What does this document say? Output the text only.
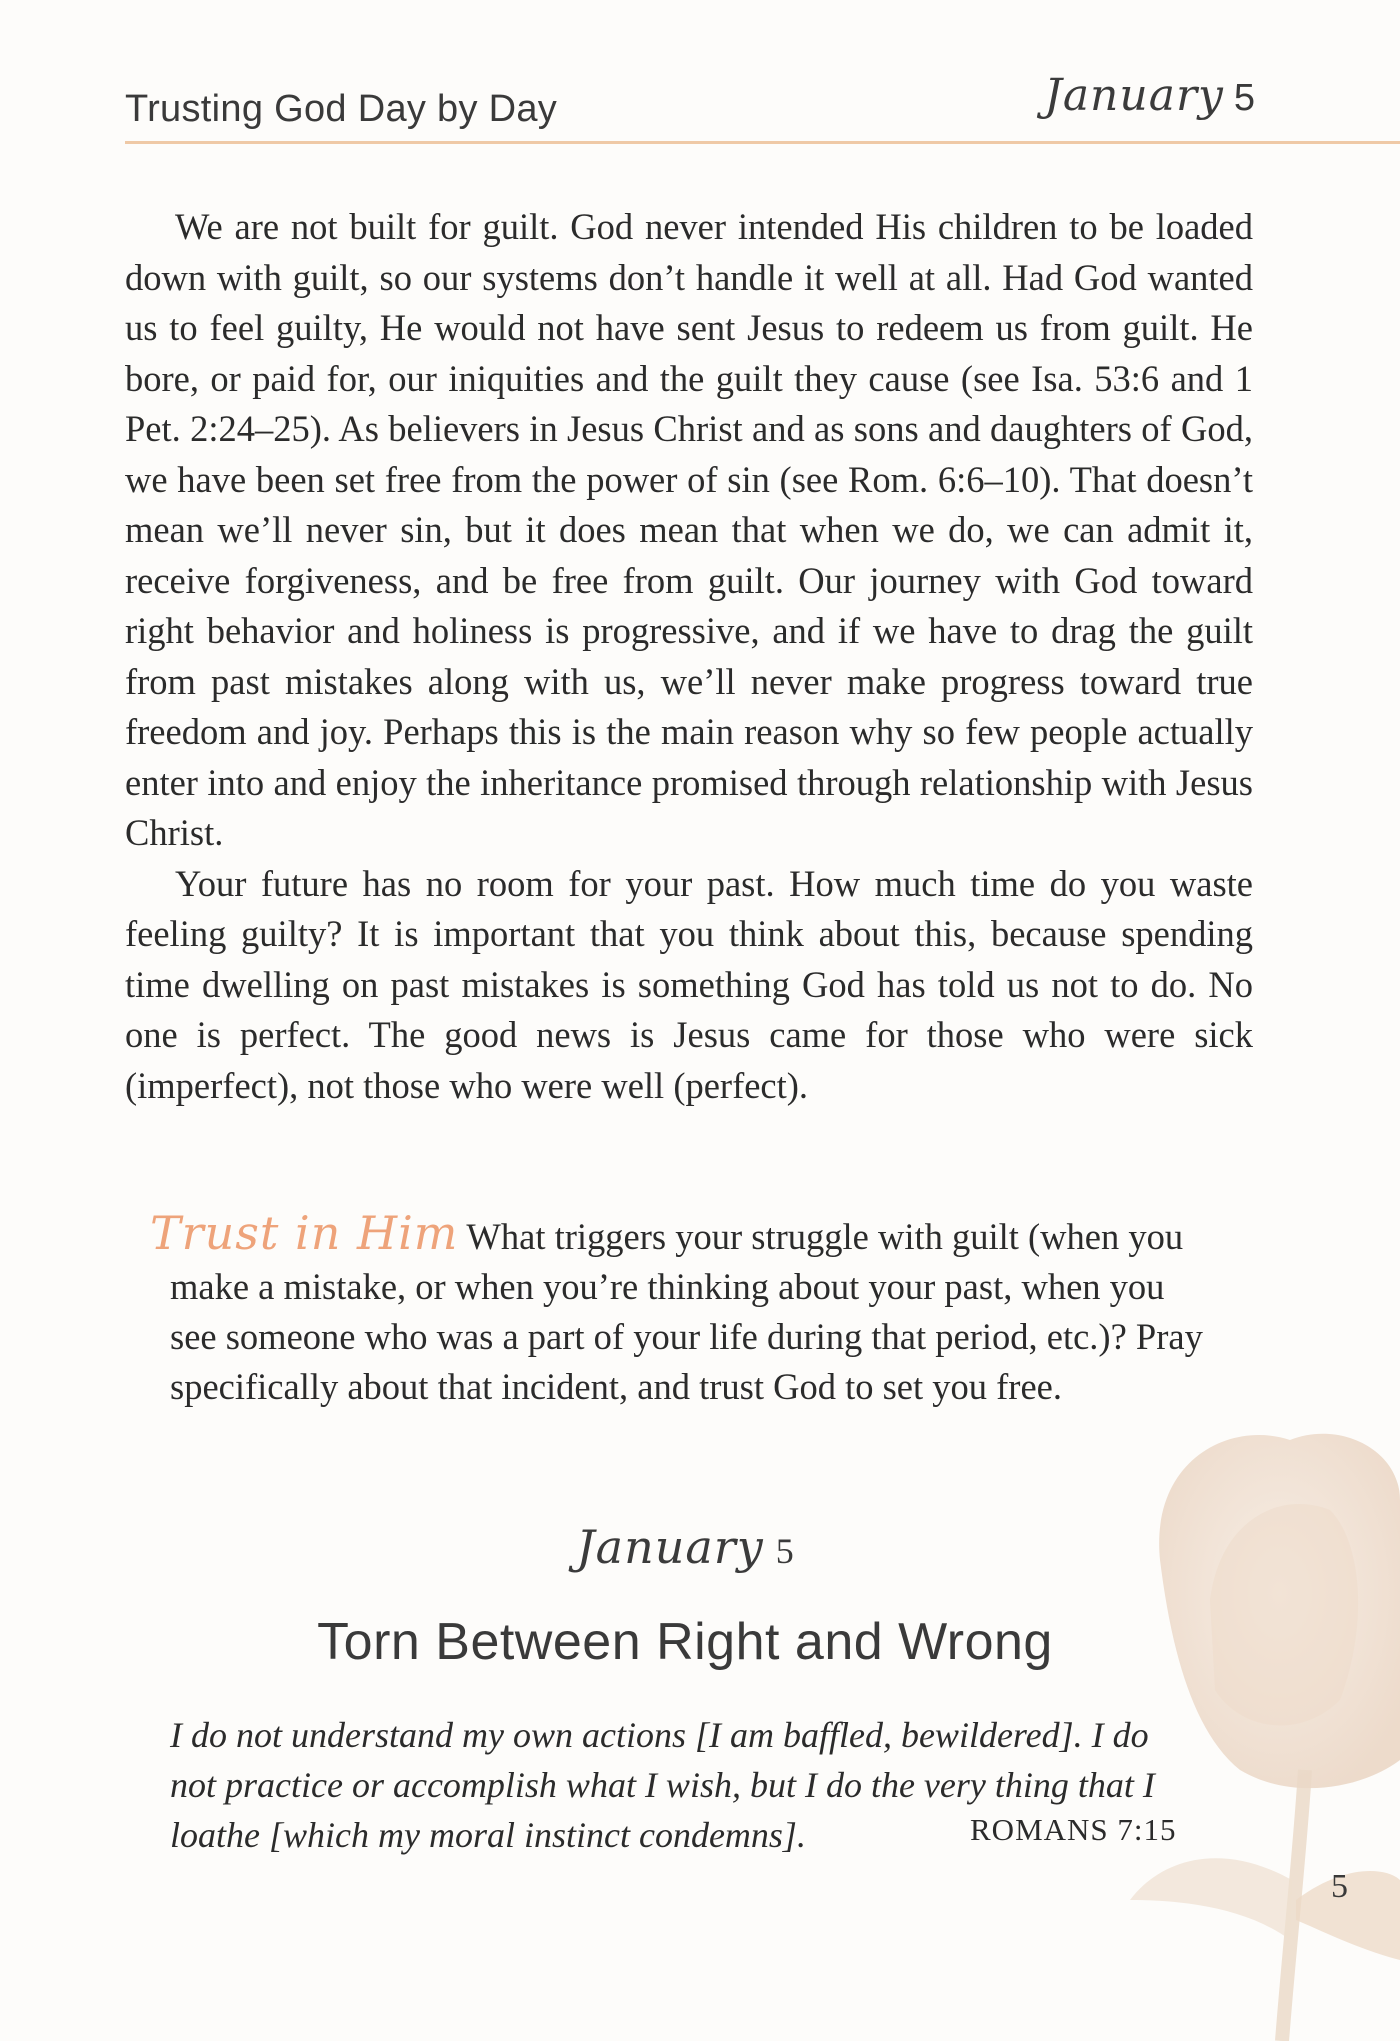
Trusting God Day by Day	January 5

We are not built for guilt. God never intended His children to be loaded down with guilt, so our systems don’t handle it well at all. Had God wanted us to feel guilty, He would not have sent Jesus to redeem us from guilt. He bore, or paid for, our iniquities and the guilt they cause (see Isa. 53:6 and 1 Pet. 2:24–25). As believers in Jesus Christ and as sons and daughters of God, we have been set free from the power of sin (see Rom. 6:6–10). That doesn’t mean we’ll never sin, but it does mean that when we do, we can admit it, receive forgiveness, and be free from guilt. Our journey with God toward right behavior and holiness is progressive, and if we have to drag the guilt from past mistakes along with us, we’ll never make progress toward true freedom and joy. Perhaps this is the main reason why so few people actually enter into and enjoy the inheritance promised through relationship with Jesus Christ.

Your future has no room for your past. How much time do you waste feeling guilty? It is important that you think about this, because spending time dwelling on past mistakes is something God has told us not to do. No one is perfect. The good news is Jesus came for those who were sick (imperfect), not those who were well (perfect).

Trust in Him What triggers your struggle with guilt (when you make a mistake, or when you’re thinking about your past, when you see someone who was a part of your life during that period, etc.)? Pray specifically about that incident, and trust God to set you free.
January 5
Torn Between Right and Wrong
I do not understand my own actions [I am baffled, bewildered]. I do not practice or accomplish what I wish, but I do the very thing that I loathe [which my moral instinct condemns].	ROMANS 7:15
5
